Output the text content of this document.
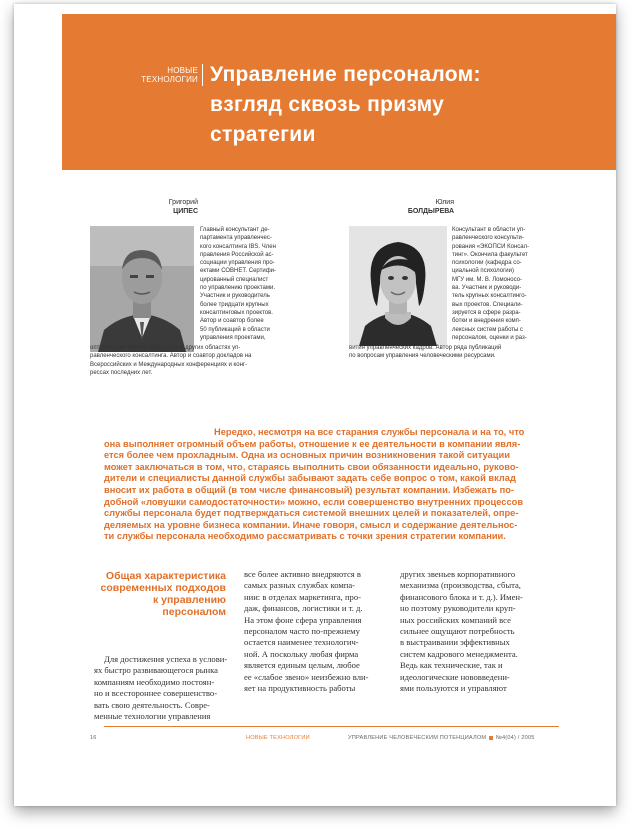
НОВЫЕ
ТЕХНОЛОГИИ Управление персоналом:
взгляд сквозь призму
стратегии
Григорий
ЦИПЕС
Главный консультант де-
партамента управленчес-
кого консалтинга IBS. Член
правления Российской ас-
социации управления про-
ектами СОВНЕТ. Сертифи-
цированный специалист
по управлению проектами.
Участник и руководитель
более тридцати крупных
консалтинговых проектов.
Автор и соавтор более
50 публикаций в области
управления проектами,
оптимизации бизнес-процессов и других областях уп-
равленческого консалтинга. Автор и соавтор докладов на
Всероссийских и Международных конференциях и конг-
рессах последних лет.
Юлия
БОЛДЫРЕВА
Консультант в области уп-
равленческого консульти-
рования «ЭКОПСИ Консал-
тинг». Окончила факультет
психологии (кафедра со-
циальной психологии)
МГУ им. М. В. Ломоносо-
ва. Участник и руководи-
тель крупных консалтинго-
вых проектов. Специали-
зируется в сфере разра-
ботки и внедрения комп-
лексных систем работы с
персоналом, оценки и раз-
вития управленческих кадров. Автор ряда публикаций
по вопросам управления человеческими ресурсами.
Нередко, несмотря на все старания службы персонала и на то, что
она выполняет огромный объем работы, отношение к ее деятельности в компании явля-
ется более чем прохладным. Одна из основных причин возникновения такой ситуации
может заключаться в том, что, стараясь выполнить свои обязанности идеально, руково-
дители и специалисты данной службы забывают задать себе вопрос о том, какой вклад
вносит их работа в общий (в том числе финансовый) результат компании. Избежать по-
добной «ловушки самодостаточности» можно, если совершенство внутренних процессов
службы персонала будет подтверждаться системой внешних целей и показателей, опре-
деляемых на уровне бизнеса компании. Иначе говоря, смысл и содержание деятельнос-
ти службы персонала необходимо рассматривать с точки зрения стратегии компании.
Общая характеристика
современных подходов
к управлению
персоналом
Для достижения успеха в услови-
ях быстро развивающегося рынка
компаниям необходимо постоян-
но и всестороннее совершенство-
вать свою деятельность. Совре-
менные технологии управления
все более активно внедряются в
самых разных службах компа-
нии: в отделах маркетинга, про-
даж, финансов, логистики и т. д.
На этом фоне сфера управления
персоналом часто по-прежнему
остается наименее технологич-
ной. А поскольку любая фирма
является единым целым, любое
ее «слабое звено» неизбежно вли-
яет на продуктивность работы
других звеньев корпоративного
механизма (производства, сбыта,
финансового блока и т. д.). Имен-
но поэтому руководители круп-
ных российских компаний все
сильнее ощущают потребность
в выстраивании эффективных
систем кадрового менеджмента.
Ведь как технические, так и
идеологические нововведени-
ями пользуются и управляют
16	НОВЫЕ ТЕХНОЛОГИИ	УПРАВЛЕНИЕ ЧЕЛОВЕЧЕСКИМ ПОТЕНЦИАЛОМ №4(04) / 2005
